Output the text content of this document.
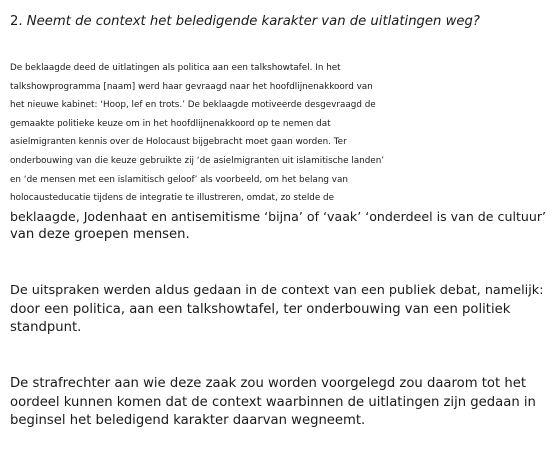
2. Neemt de context het beledigende karakter van de uitlatingen weg?

De beklaagde deed de uitlatingen als politica aan een talkshowtafel. In het
talkshowprogramma [naam] werd haar gevraagd naar het hoofdlijnenakkoord van
het nieuwe kabinet: ‘Hoop, lef en trots.’ De beklaagde motiveerde desgevraagd de
gemaakte politieke keuze om in het hoofdlijnenakkoord op te nemen dat
asielmigranten kennis over de Holocaust bijgebracht moet gaan worden. Ter
onderbouwing van die keuze gebruikte zij ‘de asielmigranten uit islamitische landen’
en ‘de mensen met een islamitisch geloof’ als voorbeeld, om het belang van
holocausteducatie tijdens de integratie te illustreren, omdat, zo stelde de
beklaagde, Jodenhaat en antisemitisme ‘bijna’ of ‘vaak’ ‘onderdeel is van de cultuur’
van deze groepen mensen.

De uitspraken werden aldus gedaan in de context van een publiek debat, namelijk:
door een politica, aan een talkshowtafel, ter onderbouwing van een politiek
standpunt.

De strafrechter aan wie deze zaak zou worden voorgelegd zou daarom tot het
oordeel kunnen komen dat de context waarbinnen de uitlatingen zijn gedaan in
beginsel het beledigend karakter daarvan wegneemt.
